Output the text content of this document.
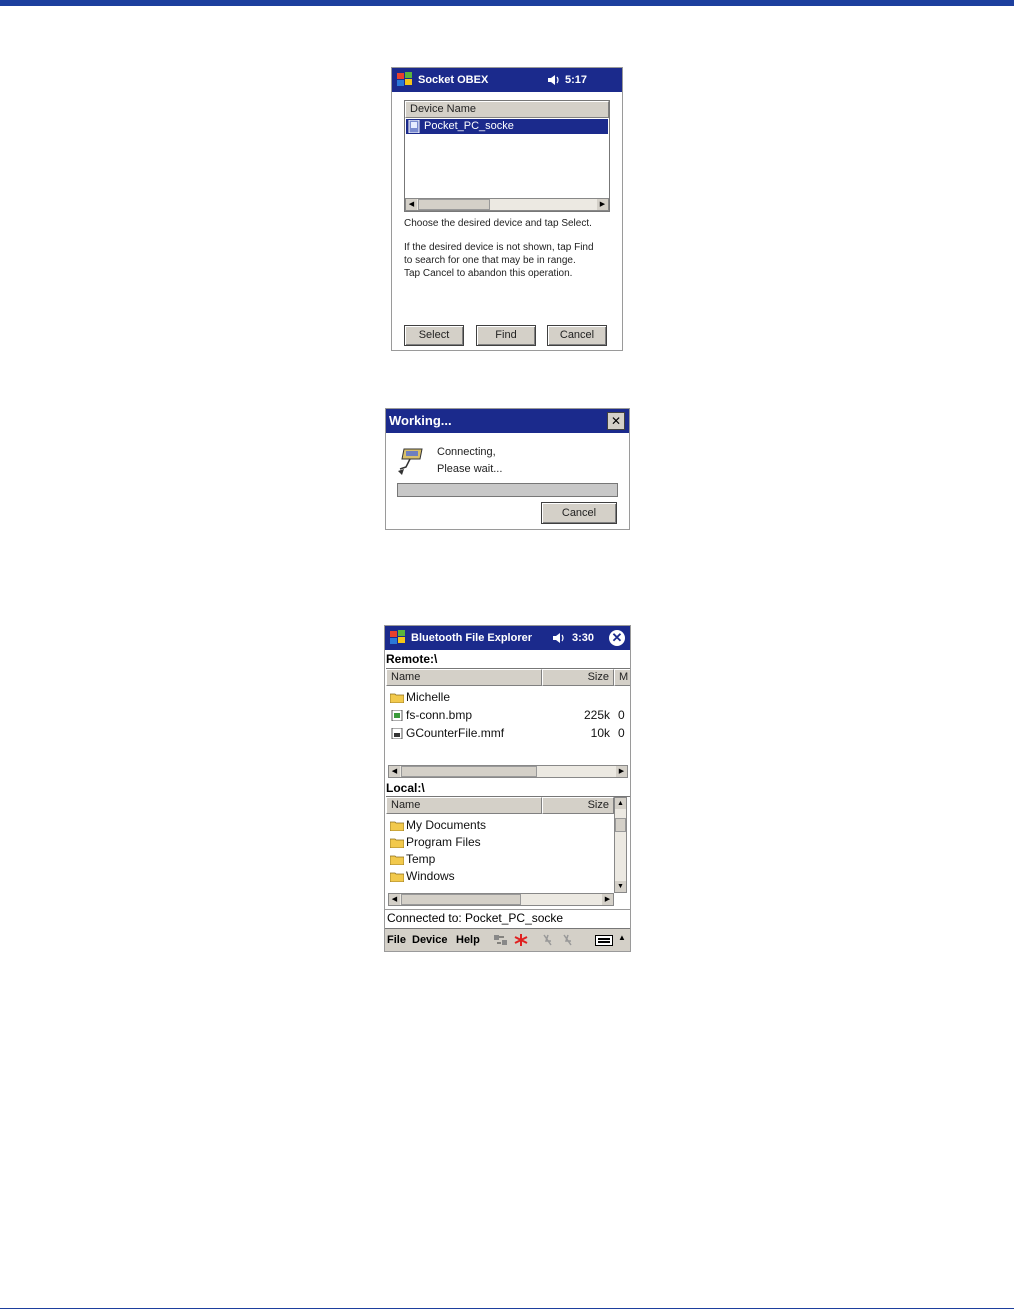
Socket OBEX	5:17
Device Name
Pocket_PC_socke
◀	▶
Choose the desired device and tap Select.
If the desired device is not shown, tap Find
to search for one that may be in range.
Tap Cancel to abandon this operation.
Select	Find	Cancel
Working...	✕
Connecting,
Please wait...
Cancel
Bluetooth File Explorer	3:30 ✕
Remote:\
Name	Size M
Michelle
fs-conn.bmp	225k 0
GCounterFile.mmf	10k 0
◀	▶
Local:\
Name	Size
My Documents
Program Files
Temp
Windows
▲
▼
◀	▶
Connected to: Pocket_PC_socke
File Device Help	▲
